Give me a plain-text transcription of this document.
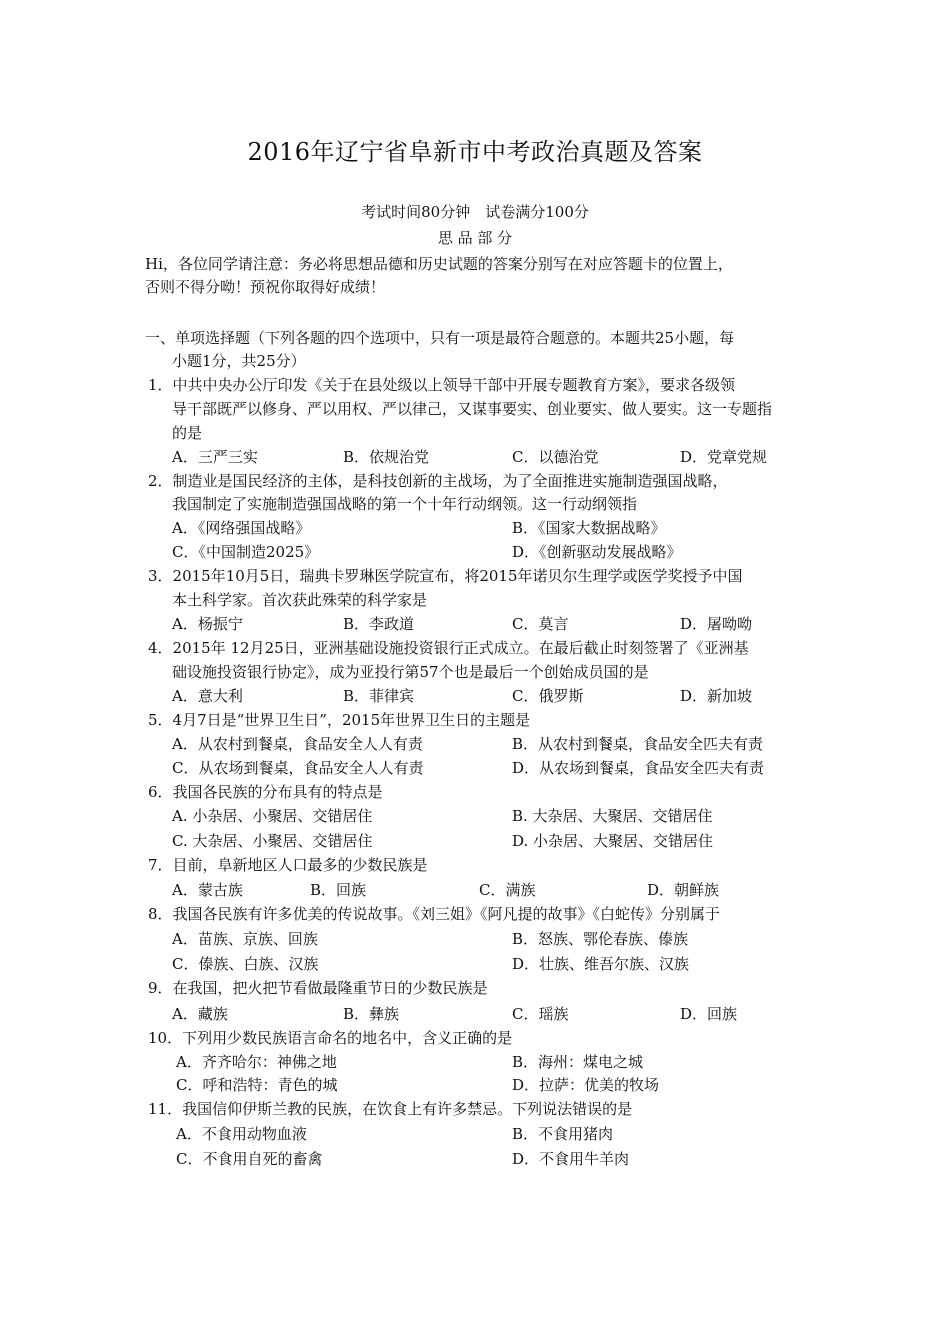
2016年辽宁省阜新市中考政治真题及答案
考试时间80分钟　试卷满分100分
思 品 部 分
Hi，各位同学请注意：务必将思想品德和历史试题的答案分别写在对应答题卡的位置上，
否则不得分呦！预祝你取得好成绩！
一、单项选择题（下列各题的四个选项中，只有一项是最符合题意的。本题共25小题，每
小题1分，共25分）
1．中共中央办公厅印发《关于在县处级以上领导干部中开展专题教育方案》，要求各级领
导干部既严以修身、严以用权、严以律己，又谋事要实、创业要实、做人要实。这一专题指
的是
A．三严三实	B．依规治党	C．以德治党	D．党章党规
2．制造业是国民经济的主体，是科技创新的主战场，为了全面推进实施制造强国战略，
我国制定了实施制造强国战略的第一个十年行动纲领。这一行动纲领指
A．《网络强国战略》	B．《国家大数据战略》
C．《中国制造2025》	D．《创新驱动发展战略》
3．2015年10月5日，瑞典卡罗琳医学院宣布，将2015年诺贝尔生理学或医学奖授予中国
本土科学家。首次获此殊荣的科学家是
A．杨振宁	B．李政道	C．莫言	D．屠呦呦
4．2015年 12月25日，亚洲基础设施投资银行正式成立。在最后截止时刻签署了《亚洲基
础设施投资银行协定》，成为亚投行第57个也是最后一个创始成员国的是
A．意大利	B．菲律宾	C．俄罗斯	D．新加坡
5．4月7日是“世界卫生日”，2015年世界卫生日的主题是
A．从农村到餐桌，食品安全人人有责	B．从农村到餐桌，食品安全匹夫有责
C．从农场到餐桌，食品安全人人有责	D．从农场到餐桌，食品安全匹夫有责
6．我国各民族的分布具有的特点是
A. 小杂居、小聚居、交错居住	B. 大杂居、大聚居、交错居住
C. 大杂居、小聚居、交错居住	D. 小杂居、大聚居、交错居住
7．目前，阜新地区人口最多的少数民族是
A．蒙古族	B．回族	C．满族	D．朝鲜族
8．我国各民族有许多优美的传说故事。《刘三姐》《阿凡提的故事》《白蛇传》分别属于
A．苗族、京族、回族	B．怒族、鄂伦春族、傣族
C．傣族、白族、汉族	D．壮族、维吾尔族、汉族
9．在我国，把火把节看做最隆重节日的少数民族是
A．藏族	B．彝族	C．瑶族	D．回族
10．下列用少数民族语言命名的地名中，含义正确的是
A．齐齐哈尔：神佛之地	B．海州：煤电之城
C．呼和浩特：青色的城	D．拉萨：优美的牧场
11．我国信仰伊斯兰教的民族，在饮食上有许多禁忌。下列说法错误的是
A．不食用动物血液	B．不食用猪肉
C．不食用自死的畜禽	D．不食用牛羊肉
